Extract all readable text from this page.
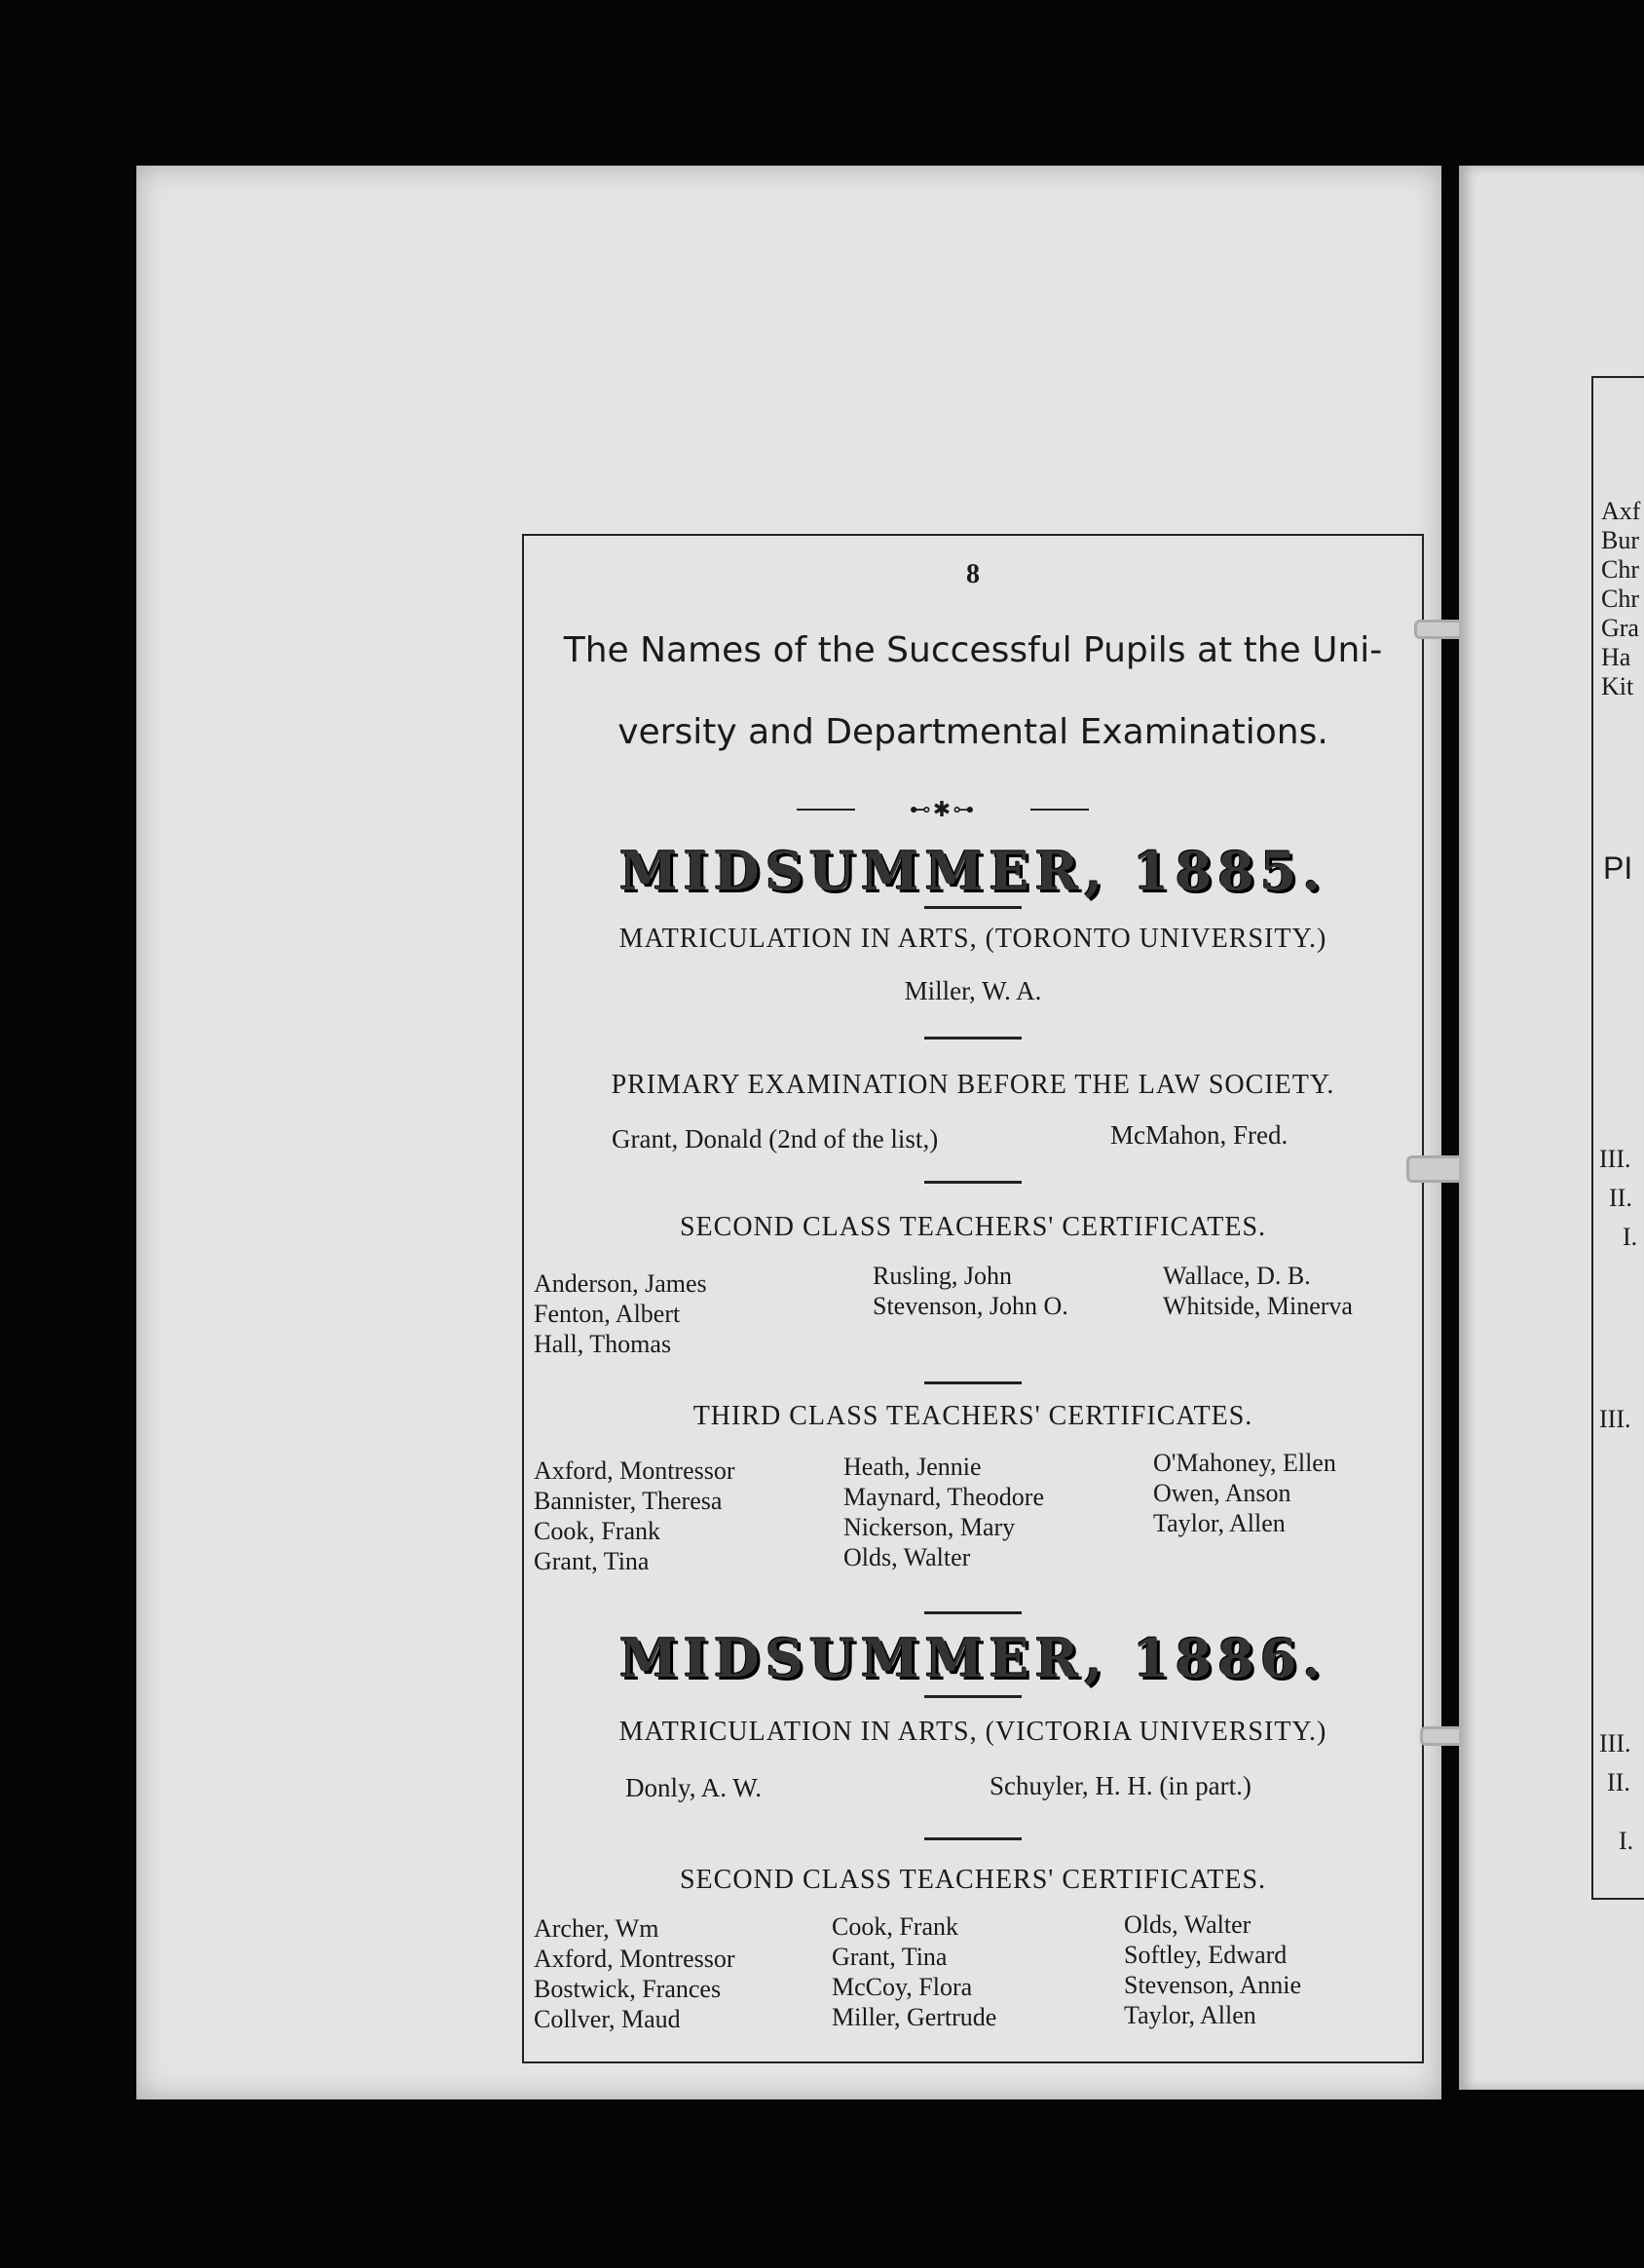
8
The Names of the Successful Pupils at the Uni-
versity and Departmental Examinations.
⊷✱⊶
MIDSUMMER, 1885.
MATRICULATION IN ARTS, (TORONTO UNIVERSITY.)
Miller, W. A.
PRIMARY EXAMINATION BEFORE THE LAW SOCIETY.
Grant, Donald (2nd of the list,)	McMahon, Fred.
SECOND CLASS TEACHERS' CERTIFICATES.
Anderson, James
Fenton, Albert
Hall, Thomas
Rusling, John
Stevenson, John O.
Wallace, D. B.
Whitside, Minerva
THIRD CLASS TEACHERS' CERTIFICATES.
Axford, Montressor
Bannister, Theresa
Cook, Frank
Grant, Tina
Heath, Jennie
Maynard, Theodore
Nickerson, Mary
Olds, Walter
O'Mahoney, Ellen
Owen, Anson
Taylor, Allen
MIDSUMMER, 1886.
MATRICULATION IN ARTS, (VICTORIA UNIVERSITY.)
Donly, A. W.	Schuyler, H. H. (in part.)
SECOND CLASS TEACHERS' CERTIFICATES.
Archer, Wm
Axford, Montressor
Bostwick, Frances
Collver, Maud
Cook, Frank
Grant, Tina
McCoy, Flora
Miller, Gertrude
Olds, Walter
Softley, Edward
Stevenson, Annie
Taylor, Allen
Axf
Bur
Chr
Chr
Gra
Ha
Kit
PI
III.
II.
I.
III.
III.
II.
I.
